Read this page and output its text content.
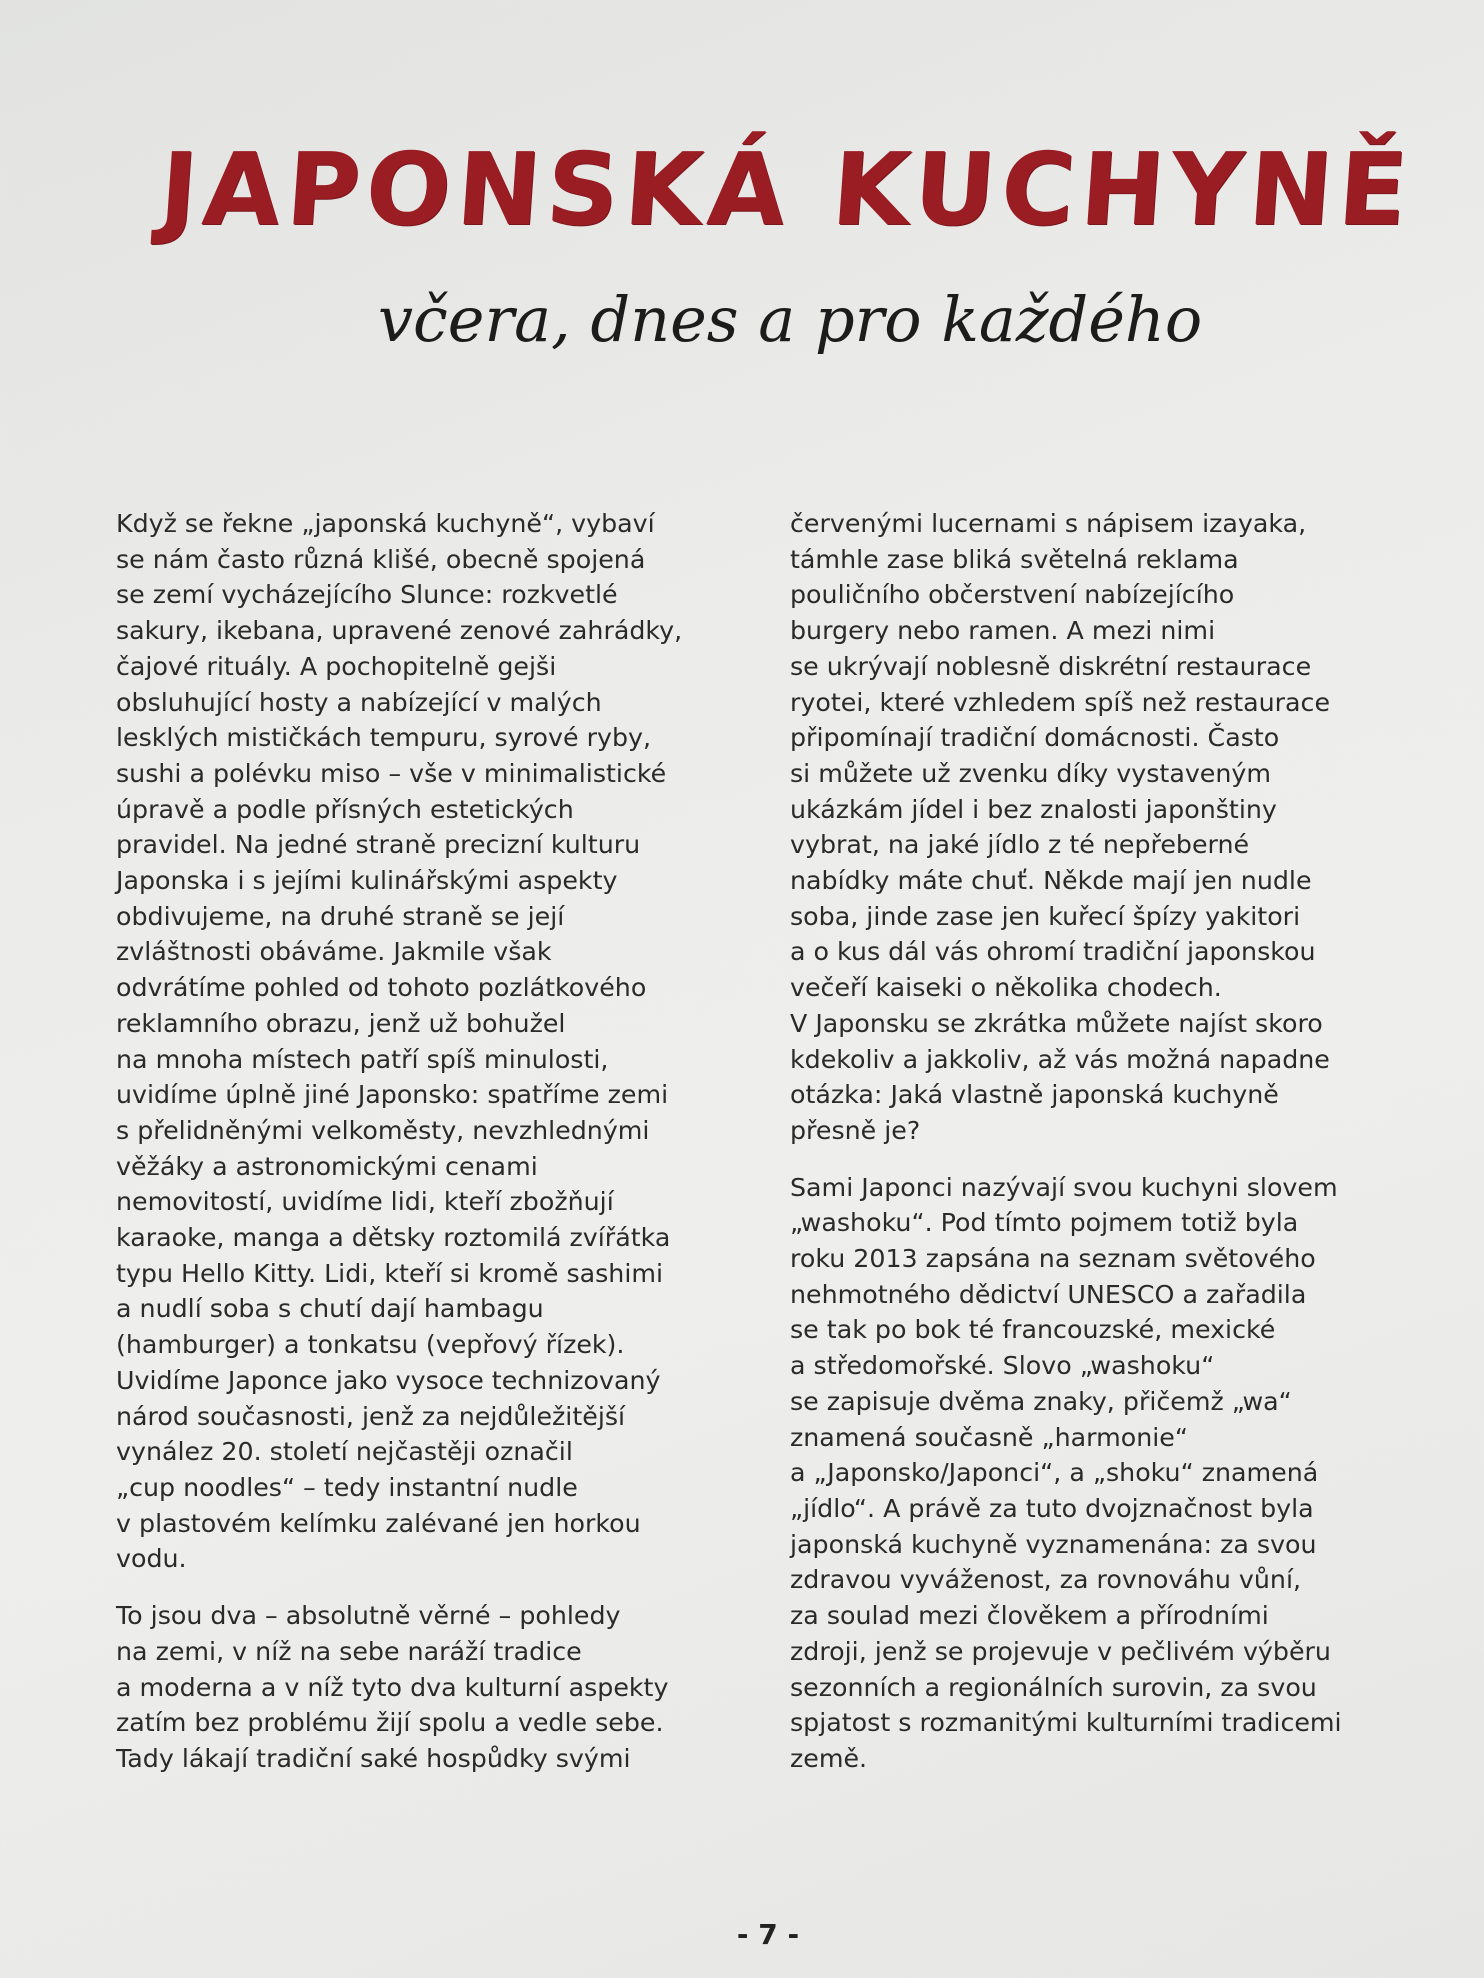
JAPONSKÁ KUCHYNĚ
včera, dnes a pro každého
Když se řekne „japonská kuchyně“, vybaví
se nám často různá klišé, obecně spojená
se zemí vycházejícího Slunce: rozkvetlé
sakury, ikebana, upravené zenové zahrádky,
čajové rituály. A pochopitelně gejši
obsluhující hosty a nabízející v malých
lesklých mističkách tempuru, syrové ryby,
sushi a polévku miso – vše v minimalistické
úpravě a podle přísných estetických
pravidel. Na jedné straně precizní kulturu
Japonska i s jejími kulinářskými aspekty
obdivujeme, na druhé straně se její
zvláštnosti obáváme. Jakmile však
odvrátíme pohled od tohoto pozlátkového
reklamního obrazu, jenž už bohužel
na mnoha místech patří spíš minulosti,
uvidíme úplně jiné Japonsko: spatříme zemi
s přelidněnými velkoměsty, nevzhlednými
věžáky a astronomickými cenami
nemovitostí, uvidíme lidi, kteří zbožňují
karaoke, manga a dětsky roztomilá zvířátka
typu Hello Kitty. Lidi, kteří si kromě sashimi
a nudlí soba s chutí dají hambagu
(hamburger) a tonkatsu (vepřový řízek).
Uvidíme Japonce jako vysoce technizovaný
národ současnosti, jenž za nejdůležitější
vynález 20. století nejčastěji označil
„cup noodles“ – tedy instantní nudle
v plastovém kelímku zalévané jen horkou
vodu.
To jsou dva – absolutně věrné – pohledy
na zemi, v níž na sebe naráží tradice
a moderna a v níž tyto dva kulturní aspekty
zatím bez problému žijí spolu a vedle sebe.
Tady lákají tradiční saké hospůdky svými
červenými lucernami s nápisem izayaka,
támhle zase bliká světelná reklama
pouličního občerstvení nabízejícího
burgery nebo ramen. A mezi nimi
se ukrývají noblesně diskrétní restaurace
ryotei, které vzhledem spíš než restaurace
připomínají tradiční domácnosti. Často
si můžete už zvenku díky vystaveným
ukázkám jídel i bez znalosti japonštiny
vybrat, na jaké jídlo z té nepřeberné
nabídky máte chuť. Někde mají jen nudle
soba, jinde zase jen kuřecí špízy yakitori
a o kus dál vás ohromí tradiční japonskou
večeří kaiseki o několika chodech.
V Japonsku se zkrátka můžete najíst skoro
kdekoliv a jakkoliv, až vás možná napadne
otázka: Jaká vlastně japonská kuchyně
přesně je?
Sami Japonci nazývají svou kuchyni slovem
„washoku“. Pod tímto pojmem totiž byla
roku 2013 zapsána na seznam světového
nehmotného dědictví UNESCO a zařadila
se tak po bok té francouzské, mexické
a středomořské. Slovo „washoku“
se zapisuje dvěma znaky, přičemž „wa“
znamená současně „harmonie“
a „Japonsko/Japonci“, a „shoku“ znamená
„jídlo“. A právě za tuto dvojznačnost byla
japonská kuchyně vyznamenána: za svou
zdravou vyváženost, za rovnováhu vůní,
za soulad mezi člověkem a přírodními
zdroji, jenž se projevuje v pečlivém výběru
sezonních a regionálních surovin, za svou
spjatost s rozmanitými kulturními tradicemi
země.
- 7 -
